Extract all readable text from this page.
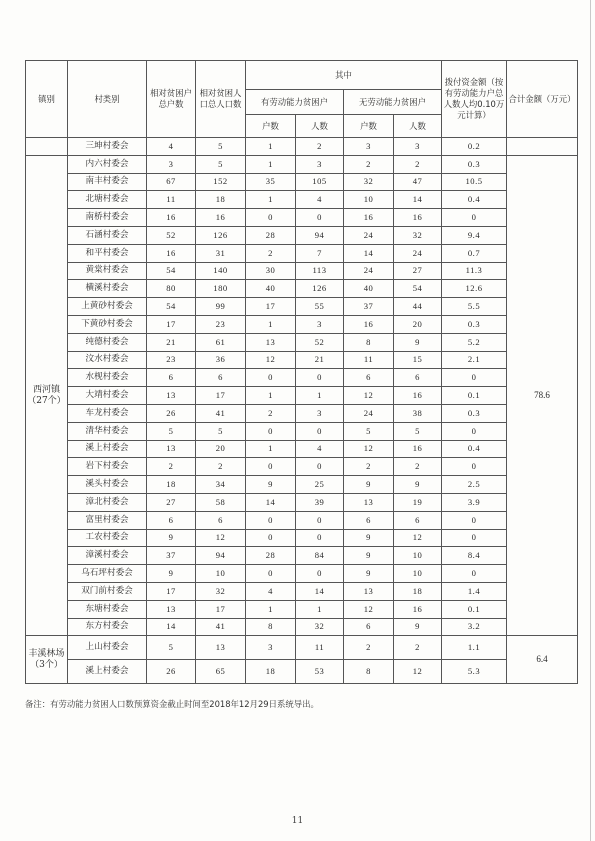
镇别	村类别	相对贫困户总户数	相对贫困人口总人口数	其中				拨付资金额（按有劳动能力户总人数人均0.10万元计算）	合计金额（万元）
				有劳动能力贫困户		无劳动能力贫困户			
				户数	人数	户数	人数		
	三坤村委会	4	5	1	2	3	3	0.2	

西河镇
（27个）	内六村委会	3	5	1	3	2	2	0.3	78.6
	南丰村委会	67	152	35	105	32	47	10.5	
	北塘村委会	11	18	1	4	10	14	0.4	
	南桥村委会	16	16	0	0	16	16	0	
	石涵村委会	52	126	28	94	24	32	9.4	
	和平村委会	16	31	2	7	14	24	0.7	
	黄棠村委会	54	140	30	113	24	27	11.3	
	横溪村委会	80	180	40	126	40	54	12.6	
	上黄砂村委会	54	99	17	55	37	44	5.5	
	下黄砂村委会	17	23	1	3	16	20	0.3	
	纯德村委会	21	61	13	52	8	9	5.2	
	汶水村委会	23	36	12	21	11	15	2.1	
	水枧村委会	6	6	0	0	6	6	0	
	大靖村委会	13	17	1	1	12	16	0.1	
	车龙村委会	26	41	2	3	24	38	0.3	
	清华村委会	5	5	0	0	5	5	0	
	溪上村委会	13	20	1	4	12	16	0.4	
	岩下村委会	2	2	0	0	2	2	0	
	溪头村委会	18	34	9	25	9	9	2.5	
	漳北村委会	27	58	14	39	13	19	3.9	
	富里村委会	6	6	0	0	6	6	0	
	工农村委会	9	12	0	0	9	12	0	
	漳溪村委会	37	94	28	84	9	10	8.4	
	乌石坪村委会	9	10	0	0	9	10	0	
	双门前村委会	17	32	4	14	13	18	1.4	
	东塘村委会	13	17	1	1	12	16	0.1	
	东方村委会	14	41	8	32	6	9	3.2	

丰溪林场
（3个）	上山村委会	5	13	3	11	2	2	1.1	6.4
	溪上村委会	26	65	18	53	8	12	5.3	
备注：有劳动能力贫困人口数预算资金截止时间至2018年12月29日系统导出。
11
